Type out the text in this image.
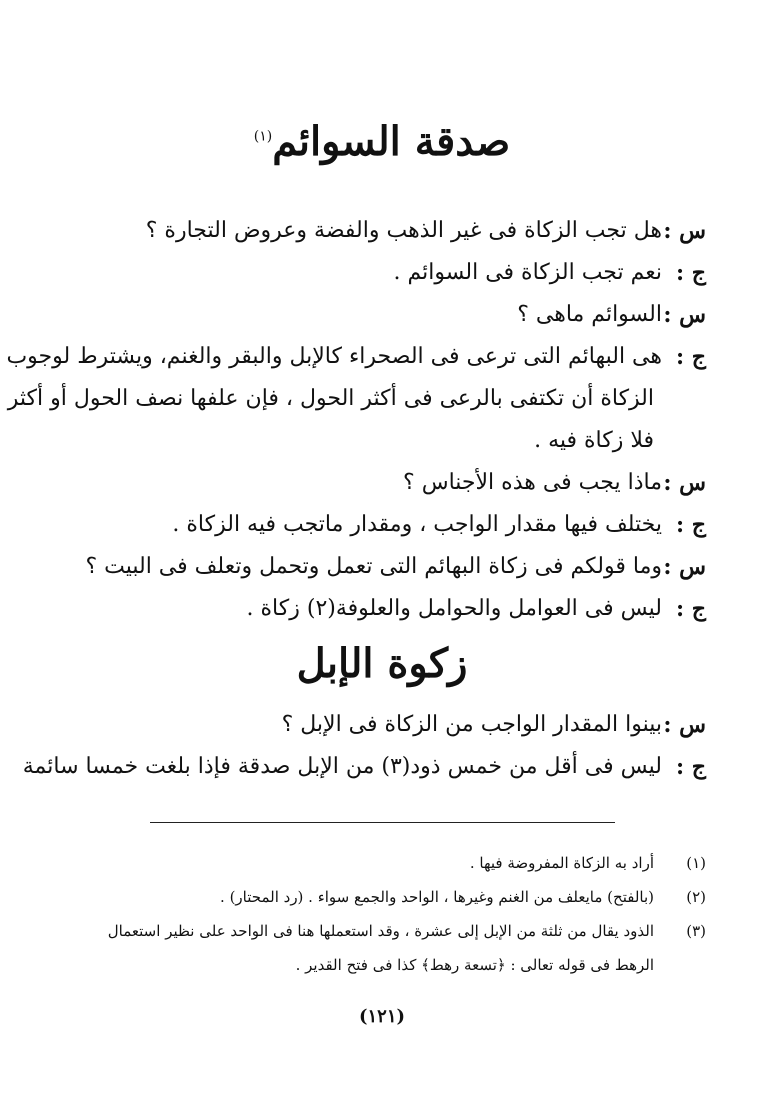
صدقة السوائم$^{(١)}$
س :
هل تجب الزكاة فى غير الذهب والفضة وعروض التجارة ؟
ج :
نعم تجب الزكاة فى السوائم .
س :
السوائم ماهى ؟
ج :
هى البهائم التى ترعى فى الصحراء كالإبل والبقر والغنم، ويشترط لوجوب
الزكاة أن تكتفى بالرعى فى أكثر الحول ، فإن علفها نصف الحول أو أكثر
فلا زكاة فيه .
س :
ماذا يجب فى هذه الأجناس ؟
ج :
يختلف فيها مقدار الواجب ، ومقدار ماتجب فيه الزكاة .
س :
وما قولكم فى زكاة البهائم التى تعمل وتحمل وتعلف فى البيت ؟
ج :
ليس فى العوامل والحوامل والعلوفة(٢) زكاة .
زكوة الإبل
س :
بينوا المقدار الواجب من الزكاة فى الإبل ؟
ج :
ليس فى أقل من خمس ذود(٣) من الإبل صدقة فإذا بلغت خمسا سائمة
(١)
أراد به الزكاة المفروضة فيها .
(٢)
(بالفتح) مايعلف من الغنم وغيرها ، الواحد والجمع سواء . (رد المحتار) .
(٣)
الذود يقال من ثلثة من الإبل إلى عشرة ، وقد استعملها هنا فى الواحد على نظير استعمال
الرهط فى قوله تعالى : ﴿تسعة رهط﴾ كذا فى فتح القدير .
(١٢١)
